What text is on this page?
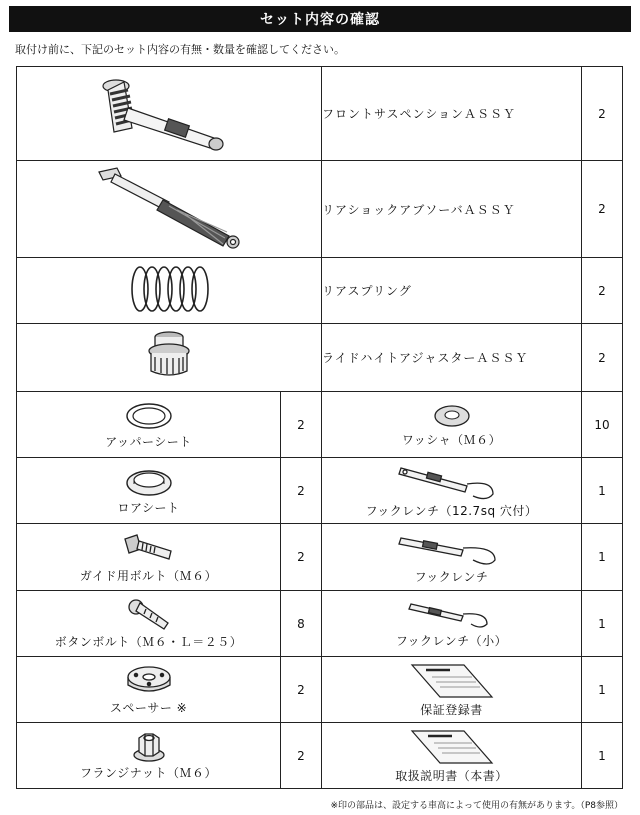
セット内容の確認
取付け前に、下記のセット内容の有無・数量を確認してください。
	フロントサスペンションＡＳＳＹ	2
	リアショックアブソーバＡＳＳＹ	2
	リアスプリング	2
	ライドハイトアジャスターＡＳＳＹ	2

アッパーシート	2	ワッシャ（Ｍ６）	10

ロアシート	2	フックレンチ（12.7sq 穴付）	1

ガイド用ボルト（Ｍ６）	2	フックレンチ	1

ボタンボルト（Ｍ６・Ｌ＝２５）	8	フックレンチ（小）	1

スペーサー ※	2	保証登録書	1

フランジナット（Ｍ６）	2	取扱説明書（本書）	1
※印の部品は、設定する車高によって使用の有無があります。（P8参照）
